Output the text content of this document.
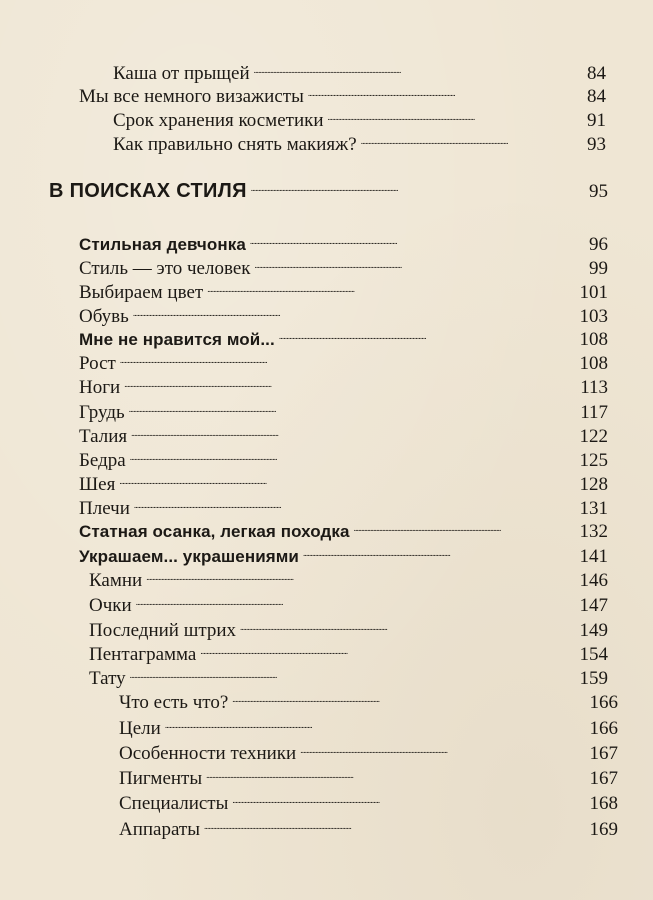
Каша от прыщей . . .	84
Мы все немного визажисты . . .	84
Срок хранения косметики . . .	91
Как правильно снять макияж? . . .	93
В ПОИСКАХ СТИЛЯ . . .	95
Стильная девчонка . . .	96
Стиль — это человек . . .	99
Выбираем цвет . . .	101
Обувь . . .	103
Мне не нравится мой... . . .	108
Рост . . .	108
Ноги . . .	113
Грудь . . .	117
Талия . . .	122
Бедра . . .	125
Шея . . .	128
Плечи . . .	131
Статная осанка, легкая походка . . .	132
Украшаем... украшениями . . .	141
Камни . . .	146
Очки . . .	147
Последний штрих . . .	149
Пентаграмма . . .	154
Тату . . .	159
Что есть что? . . .	166
Цели . . .	166
Особенности техники . . .	167
Пигменты . . .	167
Специалисты . . .	168
Аппараты . . .	169
